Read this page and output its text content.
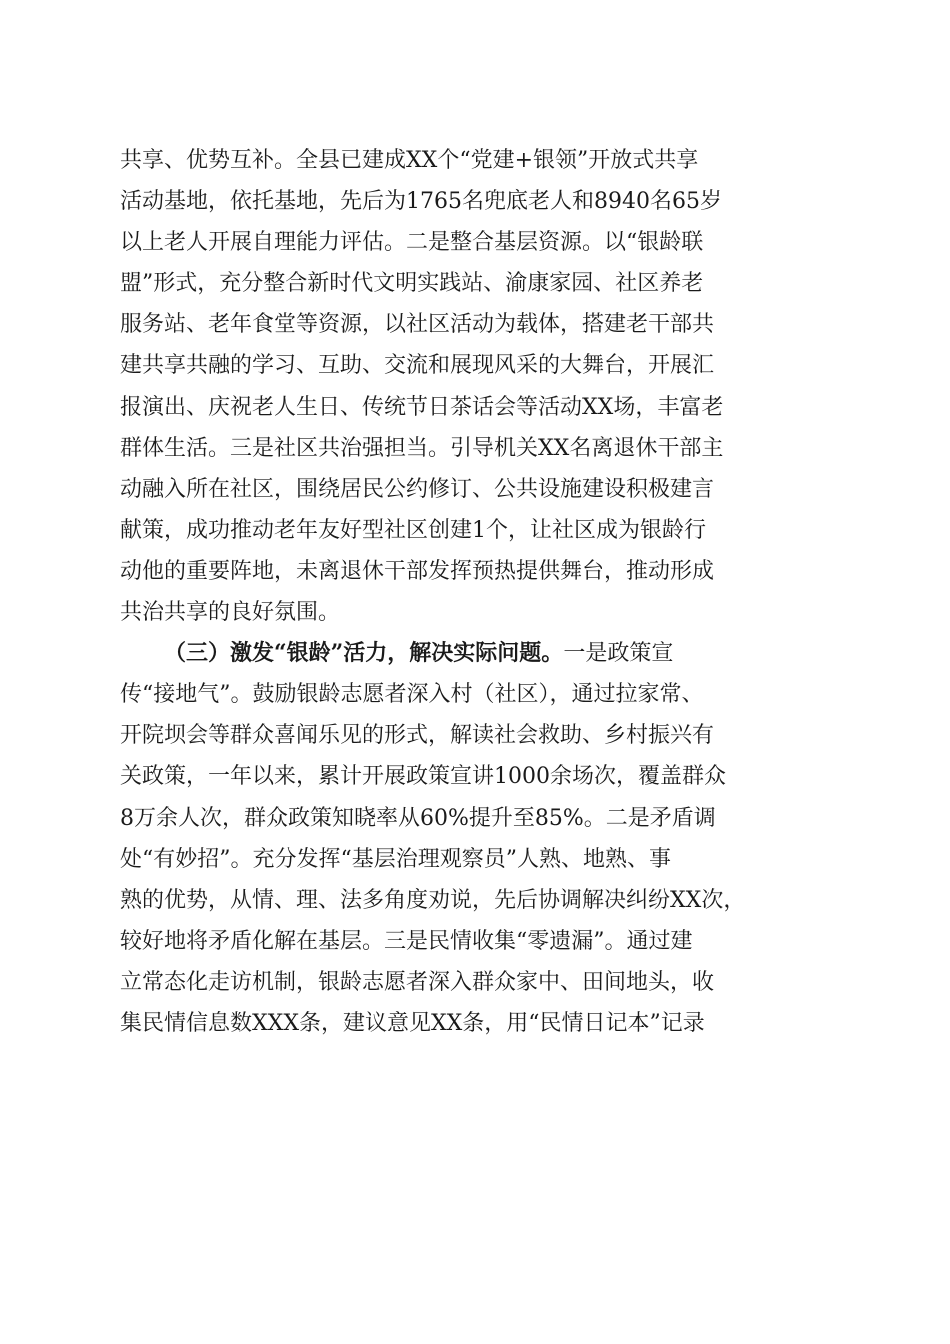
共享、优势互补。全县已建成XX个“党建+银领”开放式共享
活动基地，依托基地，先后为1765名兜底老人和8940名65岁
以上老人开展自理能力评估。二是整合基层资源。以“银龄联
盟”形式，充分整合新时代文明实践站、渝康家园、社区养老
服务站、老年食堂等资源，以社区活动为载体，搭建老干部共
建共享共融的学习、互助、交流和展现风采的大舞台，开展汇
报演出、庆祝老人生日、传统节日茶话会等活动XX场，丰富老
群体生活。三是社区共治强担当。引导机关XX名离退休干部主
动融入所在社区，围绕居民公约修订、公共设施建设积极建言
献策，成功推动老年友好型社区创建1个，让社区成为银龄行
动他的重要阵地，未离退休干部发挥预热提供舞台，推动形成
共治共享的良好氛围。
（三）激发“银龄”活力，解决实际问题。一是政策宣
传“接地气”。鼓励银龄志愿者深入村（社区），通过拉家常、
开院坝会等群众喜闻乐见的形式，解读社会救助、乡村振兴有
关政策，一年以来，累计开展政策宣讲1000余场次，覆盖群众
8万余人次，群众政策知晓率从60%提升至85%。二是矛盾调
处“有妙招”。充分发挥“基层治理观察员”人熟、地熟、事
熟的优势，从情、理、法多角度劝说，先后协调解决纠纷XX次，
较好地将矛盾化解在基层。三是民情收集“零遗漏”。通过建
立常态化走访机制，银龄志愿者深入群众家中、田间地头，收
集民情信息数XXX条，建议意见XX条，用“民情日记本”记录
